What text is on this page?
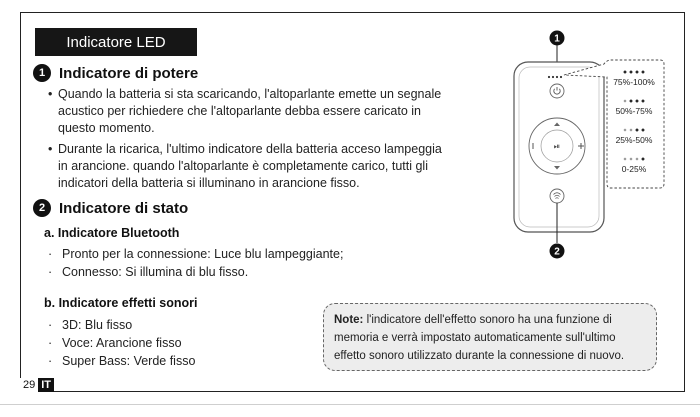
Indicatore LED
1 Indicatore di potere
• Quando la batteria si sta scaricando, l'altoparlante emette un segnale
acustico per richiedere che l'altoparlante debba essere caricato in
questo momento.
• Durante la ricarica, l'ultimo indicatore della batteria acceso lampeggia
in arancione. quando l'altoparlante è completamente carico, tutti gli
indicatori della batteria si illuminano in arancione fisso.
2 Indicatore di stato
a. Indicatore Bluetooth
· Pronto per la connessione: Luce blu lampeggiante;
· Connesso: Si illumina di blu fisso.
b. Indicatore effetti sonori
· 3D: Blu fisso
· Voce: Arancione fisso
· Super Bass: Verde fisso
Note: l'indicatore dell'effetto sonoro ha una funzione di
memoria e verrà impostato automaticamente sull'ultimo
effetto sonoro utilizzato durante la connessione di nuovo.
29 IT
1
⏯
2
75%-100%
50%-75%
25%-50%
0-25%
